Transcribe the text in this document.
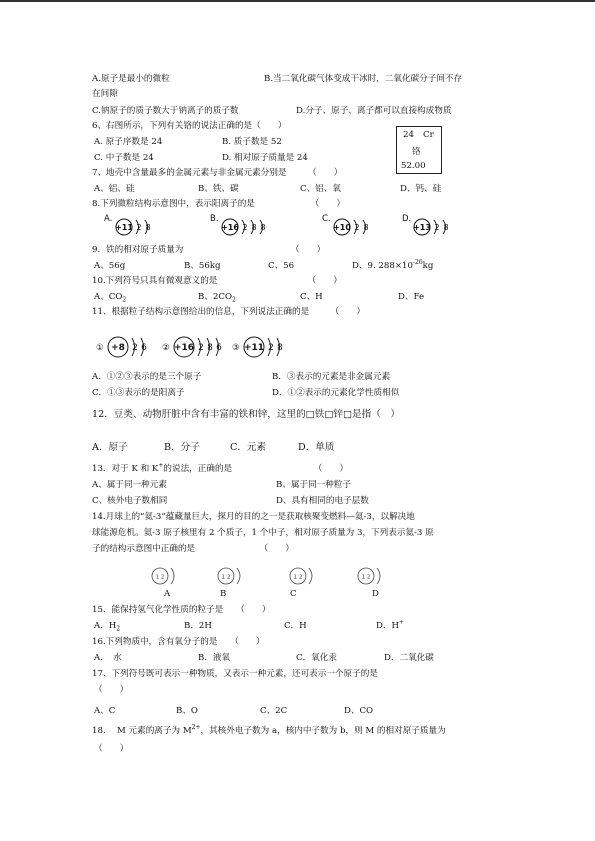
A.原子是最小的微粒	B.当二氧化碳气体变成干冰时，二氧化碳分子间不存
在间隙
C.钠原子的质子数大于钠离子的质子数	D.分子、原子、离子都可以直接构成物质
6、右图所示，下列有关铬的说法正确的是（　　）
A. 原子序数是 24	B. 质子数是 52
C. 中子数是 24	D. 相对原子质量是 24
24 Cr
铬
52.00
7、地壳中含量最多的金属元素与非金属元素分别是　　　（　　）
A、铝、硅	B、铁、碳	C、铝、氧	D、钙、硅
8.下列微粒结构示意图中，表示阳离子的是　　　　　　　（　　）
A.
+11 2 8
B.
+16 2 8 8
C.
+10 2 8
D.
+13 2 8
9．铁的相对原子质量为　　　　　　　　　　　　　（　　）
A、56g	B、56kg	C、56	D、9. $288\times 10^{-26}kg$
10.下列符号只具有微观意义的是　　　　　　　　　　　（　　）
A、$CO_2$	B、$2CO_2$	C、H	D、Fe
11、根据粒子结构示意图给出的信息，下列说法正确的是　　　（　　）
① +8 2 6 ② +16 2 8 6 ③ +11 2 8
A．①②③表示的是三个原子	B．③表示的元素是非金属元素
C．①③表示的是阳离子	D．①②表示的元素化学性质相似
12．豆类、动物肝脏中含有丰富的铁和锌，这里的□铁□锌□是指（　）
A．原子	B．分子	C．元素	D．单质
13．对于 K 和 K+的说法，正确的是　　　　　　　　　　（　　）
A、属于同一种元素	B、属于同一种粒子
C、核外电子数相同	D、具有相同的电子层数
14.月球上的“氦-3”蕴藏量巨大，探月的目的之一是获取核聚变燃料—氦-3，以解决地
球能源危机。氦-3 原子核里有 2 个质子，1 个中子，相对原子质量为 3，下列表示氦-3 原
子的结构示意图中正确的是　　　　　　　　（　　）
1 2	1 2	1 2	1 2
A	B	C	D
15．能保持氢气化学性质的粒子是　　（　　）
A．$H_2$	B．2H	C．H	D．H+
16.下列物质中，含有氧分子的是　　（　　）
A．　水	B．液氧	C．氧化汞	D．二氧化碳
17、下列符号既可表示一种物质，又表示一种元素，还可表示一个原子的是
（　　）
A、C	B、O	C、2C	D、CO
18.　 M 元素的离子为 $M^{2+}$，其核外电子数为 a，核内中子数为 b，则 M 的相对原子质量为
（　　）
